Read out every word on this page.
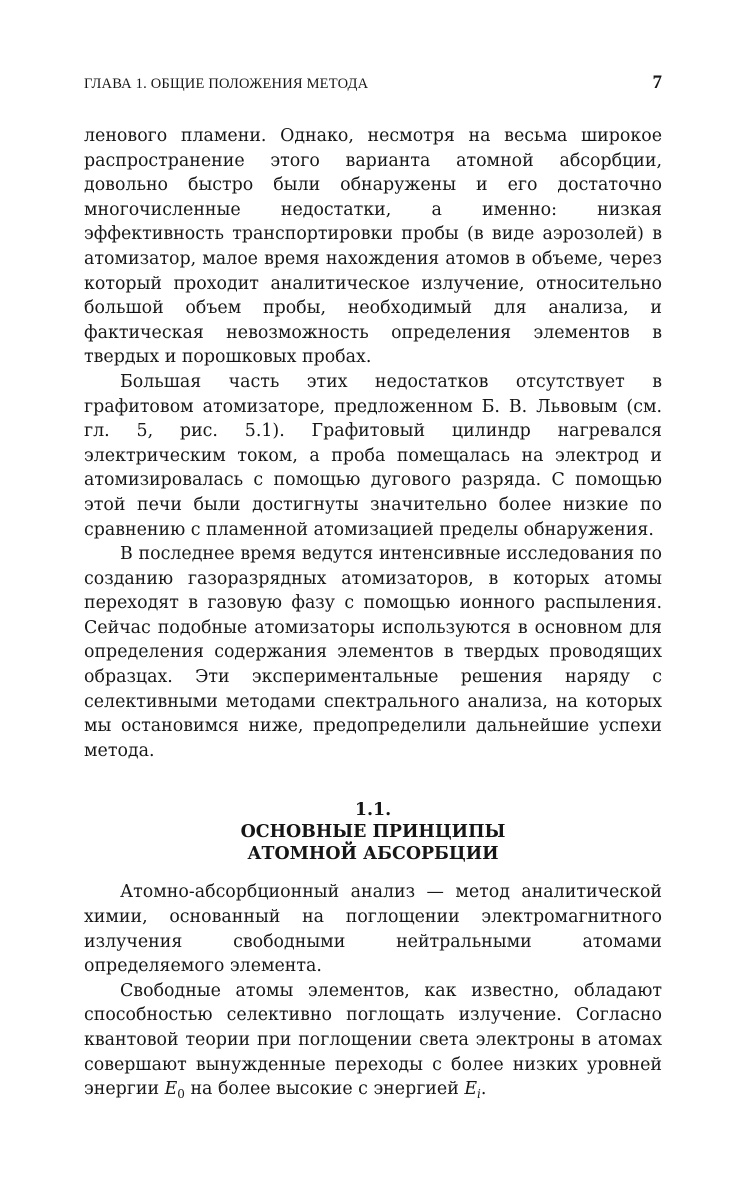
ГЛАВА 1. ОБЩИЕ ПОЛОЖЕНИЯ МЕТОДА	7

ленового пламени. Однако, несмотря на весьма широкое распространение этого варианта атомной абсорбции, довольно быстро были обнаружены и его достаточно многочисленные недостатки, а именно: низкая эффективность транспортировки пробы (в виде аэрозолей) в атомизатор, малое время нахождения атомов в объеме, через который проходит аналитическое излучение, относительно большой объем пробы, необходимый для анализа, и фактическая невозможность определения элементов в твердых и порошковых пробах.

Большая часть этих недостатков отсутствует в графитовом атомизаторе, предложенном Б. В. Львовым (см. гл. 5, рис. 5.1). Графитовый цилиндр нагревался электрическим током, а проба помещалась на электрод и атомизировалась с помощью дугового разряда. С помощью этой печи были достигнуты значительно более низкие по сравнению с пламенной атомизацией пределы обнаружения.

В последнее время ведутся интенсивные исследования по созданию газоразрядных атомизаторов, в которых атомы переходят в газовую фазу с помощью ионного распыления. Сейчас подобные атомизаторы используются в основном для определения содержания элементов в твердых проводящих образцах. Эти экспериментальные решения наряду с селективными методами спектрального анализа, на которых мы остановимся ниже, предопределили дальнейшие успехи метода.

1.1.
ОСНОВНЫЕ ПРИНЦИПЫ
АТОМНОЙ АБСОРБЦИИ

Атомно-абсорбционный анализ — метод аналитической химии, основанный на поглощении электромагнитного излучения свободными нейтральными атомами определяемого элемента.

Свободные атомы элементов, как известно, обладают способностью селективно поглощать излучение. Согласно квантовой теории при поглощении света электроны в атомах совершают вынужденные переходы с более низких уровней энергии $E_0$ на более высокие с энергией $E_i$.
